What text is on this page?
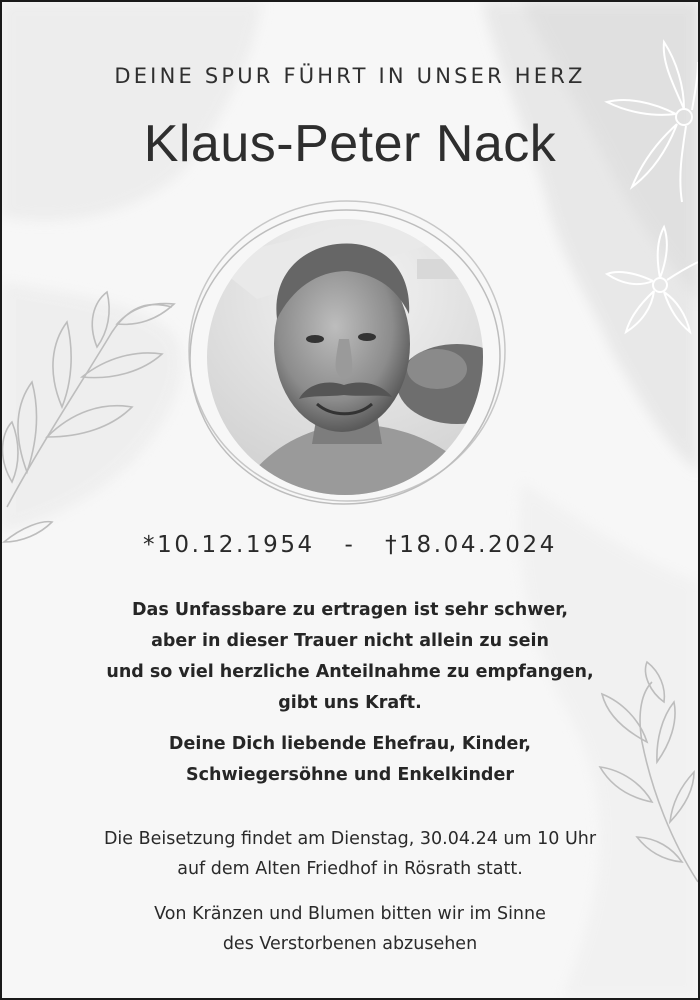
DEINE SPUR FÜHRT IN UNSER HERZ
Klaus-Peter Nack
*10.12.1954 - †18.04.2024
Das Unfassbare zu ertragen ist sehr schwer,
aber in dieser Trauer nicht allein zu sein
und so viel herzliche Anteilnahme zu empfangen,
gibt uns Kraft.
Deine Dich liebende Ehefrau, Kinder,
Schwiegersöhne und Enkelkinder
Die Beisetzung findet am Dienstag, 30.04.24 um 10 Uhr
auf dem Alten Friedhof in Rösrath statt.
Von Kränzen und Blumen bitten wir im Sinne
des Verstorbenen abzusehen
